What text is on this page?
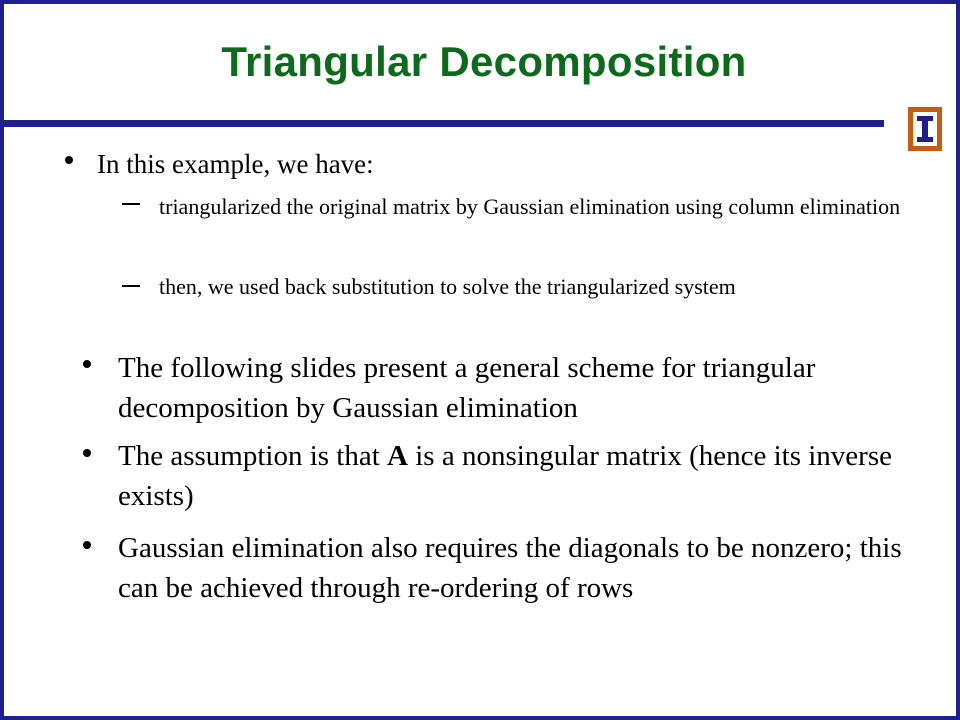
Triangular Decomposition
In this example, we have:
triangularized the original matrix by Gaussian elimination using column elimination
then, we used back substitution to solve the triangularized system
The following slides present a general scheme for triangular decomposition by Gaussian elimination
The assumption is that A is a nonsingular matrix (hence its inverse exists)
Gaussian elimination also requires the diagonals to be nonzero; this can be achieved through re-ordering of rows
